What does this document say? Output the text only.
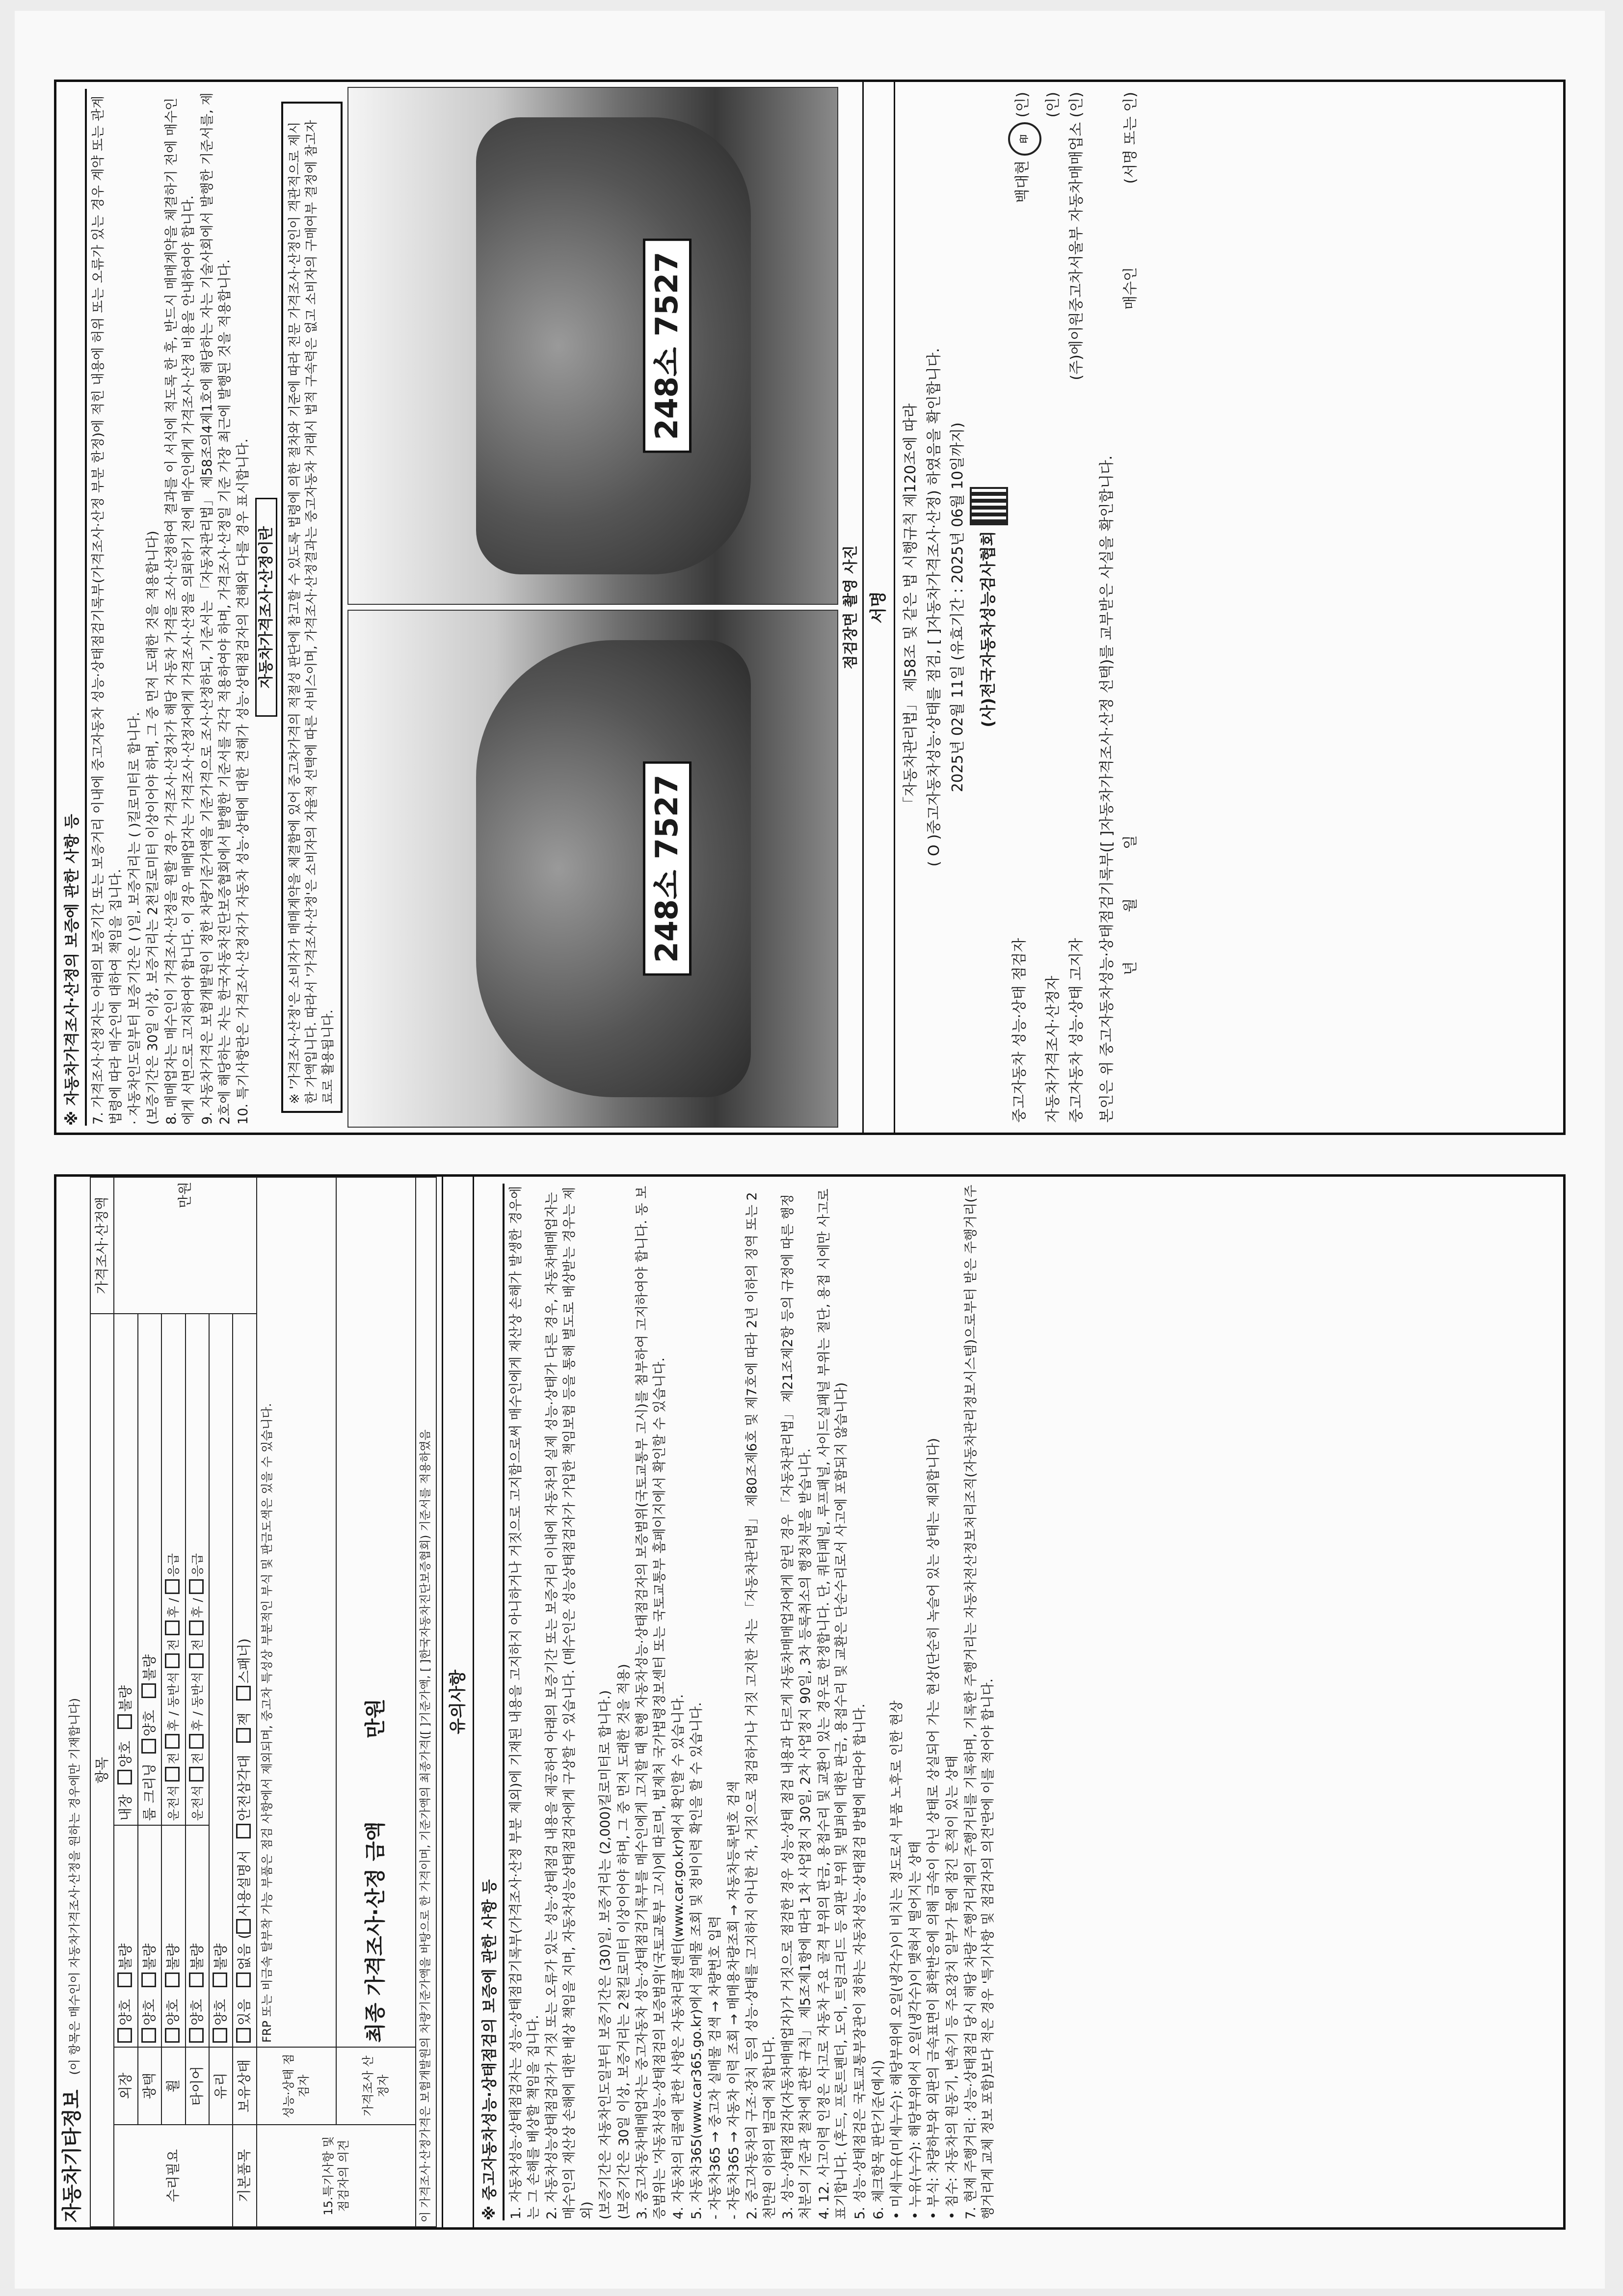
자동차기타정보 (이 항목은 매수인이 자동차가격조사·산정을 원하는 경우에만 기재합니다) 항목				가격조사·산정액
수리필요	외장	양호불량	내장양호불량	만원
	광택	양호불량	룸 크리닝양호불량	
	휠	양호불량	운전석 전 후 / 동반석 전 후 / 응급	
	타이어	양호불량	운전석 전 후 / 동반석 전 후 / 응급	
	유리	양호불량		
기본품목	보유상태	있음없음 (사용설명서안전삼각대잭스패너)		
15.특기사항 및 점검자의 의견	성능·상태 점검자	FRP 또는 비금속 탈부착 가능 부품은 점검 사항에서 제외되며, 중고차 특성상 부분적인 부식 및 판금도색은 있을 수 있습니다.		
	가격조사 산정자	최종 가격조사·산정 금액 만원		
이 가격조사·산정가격은 보험개발원의 차량기준가액을 바탕으로 한 가격이며, 기준가액의 최종가격([ ]기준가액, [ ]한국자동차진단보증협회) 기준서를 적용하였음				유의사항
※ 중고자동차성능·상태점검의 보증에 관한 사항 등 1. 자동차성능·상태점검자는 성능·상태점검기록부(가격조사·산정 부분 제외)에 기재된 내용을 고지하지 아니하거나 거짓으로 고지함으로써 매수인에게 재산상 손해가 발생한 경우에는 그 손해를 배상할 책임을 집니다. 2. 자동차성능상태점검자가 거짓 또는 오류가 있는 성능·상태점검 내용을 제공하여 아래의 보증기간 또는 보증거리 이내에 자동차의 실제 성능·상태가 다른 경우, 자동차매매업자는 매수인의 재산상 손해에 대한 배상 책임을 지며, 자동차성능상태점검자에게 구상할 수 있습니다. (매수인은 성능상태점검자가 가입한 책임보험 등을 통해 별도로 배상받는 경우는 제외) (보증기간은 자동차인도일부터 보증기간은 (30)일, 보증거리는 (2,000)킬로미터로 합니다.) (보증기간은 30일 이상, 보증거리는 2천킬로미터 이상이어야 하며, 그 중 먼저 도래한 것을 적용) 3. 중고자동차매매업자는 중고자동차 성능·상태점검기록부를 매수인에게 고지할 때 현행 자동차성능·상태점검자의 보증범위(국토교통부 고시)를 첨부하여 고지하여야 합니다. 동 보증범위는 '자동차성능·상태점검의 보증범위'(국토교통부 고시)에 따르며, 법제처 국가법령정보센터 또는 국토교통부 홈페이지에서 확인할 수 있습니다. 4. 자동차의 리콜에 관한 사항은 자동차리콜센터(www.car.go.kr)에서 확인할 수 있습니다. 5. 자동차365(www.car365.go.kr)에서 설매물 조회 및 정비이력 확인을 할 수 있습니다. - 자동차365 → 중고차 실매물 검색 → 차량번호 입력 - 자동차365 → 자동차 이력 조회 → 매매용차량조회 → 자동차등록번호 검색 2. 중고자동차의 구조·장치 등의 성능·상태를 고지하지 아니한 자, 거짓으로 점검하거나 거짓 고지한 자는 「자동차관리법」 제80조제6호 및 제7호에 따라 2년 이하의 징역 또는 2천만원 이하의 벌금에 처합니다. 3. 성능·상태점검자(자동차매매업자)가 거짓으로 점검한 경우 성능·상태 점검 내용과 다르게 자동차매매업자에게 알린 경우 「자동차관리법」 제21조제2항 등의 규정에 따른 행정처분의 기준과 절차에 관한 규칙」 제5조제1항에 따라 1차 사업정지 30일, 2차 사업정지 90일, 3차 등록취소의 행정처분을 받습니다. 4. 12. 사고이력 인정은 사고로 자동차 주요 골격 부위의 판금, 용접수리 및 교환이 있는 경우로 한정합니다. 단, 쿼터패널, 루프패널, 사이드실패널 부위는 절단, 용접 시에만 사고로 표기합니다. (후드, 프론트펜더, 도어, 트렁크리드 등 외판 부위 및 범퍼에 대한 판금, 용접수리 및 교환은 단순수리로서 사고에 포함되지 않습니다) 5. 성능·상태점검은 국토교통부장관이 정하는 자동차성능·상태점검 방법에 따라야 합니다. 6. 체크항목 판단기준(예시) • 미세누유(미세누수): 해당부위에 오일(냉각수)이 비치는 정도로서 부품 노후로 인한 현상 • 누유(누수): 해당부위에서 오일(냉각수)이 맺혀서 떨어지는 상태 • 부식: 차량하부와 외판의 금속표면이 화학반응에 의해 금속이 아닌 상태로 상실되어 가는 현상(단순히 녹슬어 있는 상태는 제외합니다) • 침수: 자동차의 원동기, 변속기 등 주요장치 일부가 물에 잠긴 흔적이 있는 상태 7. 현재 주행거리: 성능·상태점검 당시 해당 차량 주행거리계의 주행거리를 기록하며, 기록한 주행거리는 자동차전산정보처리조직(자동차관리정보시스템)으로부터 받은 주행거리(주행거리계 교체 정보 포함)보다 적은 경우 '특기사항 및 점검자의 의견'란에 이를 적어야 합니다.

※ 자동차가격조사·산정의 보증에 관한 사항 등 7. 가격조사·산정자는 아래의 보증기간 또는 보증거리 이내에 중고자동차 성능·상태점검기록부(가격조사·산정 부분 한정)에 적힌 내용에 허위 또는 오류가 있는 경우 계약 또는 관계법령에 따라 매수인에 대하여 책임을 집니다. · 자동차인도일부터 보증기간은 ( )일, 보증거리는 ( )킬로미터로 합니다. (보증기간은 30일 이상, 보증거리는 2천킬로미터 이상이어야 하며, 그 중 먼저 도래한 것을 적용합니다) 8. 매매업자는 매수인이 가격조사·산정을 원할 경우 가격조사·산정자가 해당 자동차 가격을 조사·산정하여 결과를 이 서식에 적도록 한 후, 반드시 매매계약을 체결하기 전에 매수인에게 서면으로 고지하여야 합니다. 이 경우 매매업자는 가격조사·산정자에게 가격조사·산정을 의뢰하기 전에 매수인에게 가격조사·산정 비용을 안내하여야 합니다. 9. 자동차가격은 보험개발원이 정한 차량기준가액을 기준가격으로 조사·산정하되, 기준서는 「자동차관리법」 제58조의4제1호에 해당하는 자는 기술사회에서 발행한 기준서를, 제2호에 해당하는 자는 한국자동차진단보증협회에서 발행한 기준서를 각각 적용하여야 하며, 가격조사·산정일 기준 가장 최근에 발행된 것을 적용합니다. 10. 특기사항란은 가격조사·산정자가 자동차 성능·상태에 대한 견해가 성능·상태점검자의 견해와 다를 경우 표시합니다. 자동차가격조사·산정이란	※ '가격조사·산정'은 소비자가 매매계약을 체결함에 있어 중고차가격의 적절성 판단에 참고할 수 있도록 법령에 의한 절차와 기준에 따라 전문 가격조사·산정인이 객관적으로 제시한 가액입니다. 따라서 '가격조사·산정'은 소비자의 자율적 선택에 따른 서비스이며, 가격조사·산정결과는 중고자동차 거래시 법적 구속력은 없고 소비자의 구매여부 결정에 참고자료로 활용됩니다.
248소 7527
248소 7527
점검장면 촬영 사진 서명 「자동차관리법」 제58조 및 같은 법 시행규칙 제120조에 따라 ( O )중고자동차성능·상태를 점검, [ ]자동차가격조사·산정) 하였음을 확인합니다. 2025년 02월 11일 (유효기간 : 2025년 06월 10일까지) (사)전국자동차성능검사협회
중고자동차 성능·상태 점검자
백대현 印 (인)
자동차가격조사·산정자
(인)
중고자동차 성능·상태 고지자
(주)에이원중고차서울부 자동차매매업소 (인)
본인은 위 중고자동차성능·상태점검기록부([ ]자동차가격조사·산정 선택)를 교부받은 사실을 확인합니다. 년 월 일
매수인 (서명 또는 인)
